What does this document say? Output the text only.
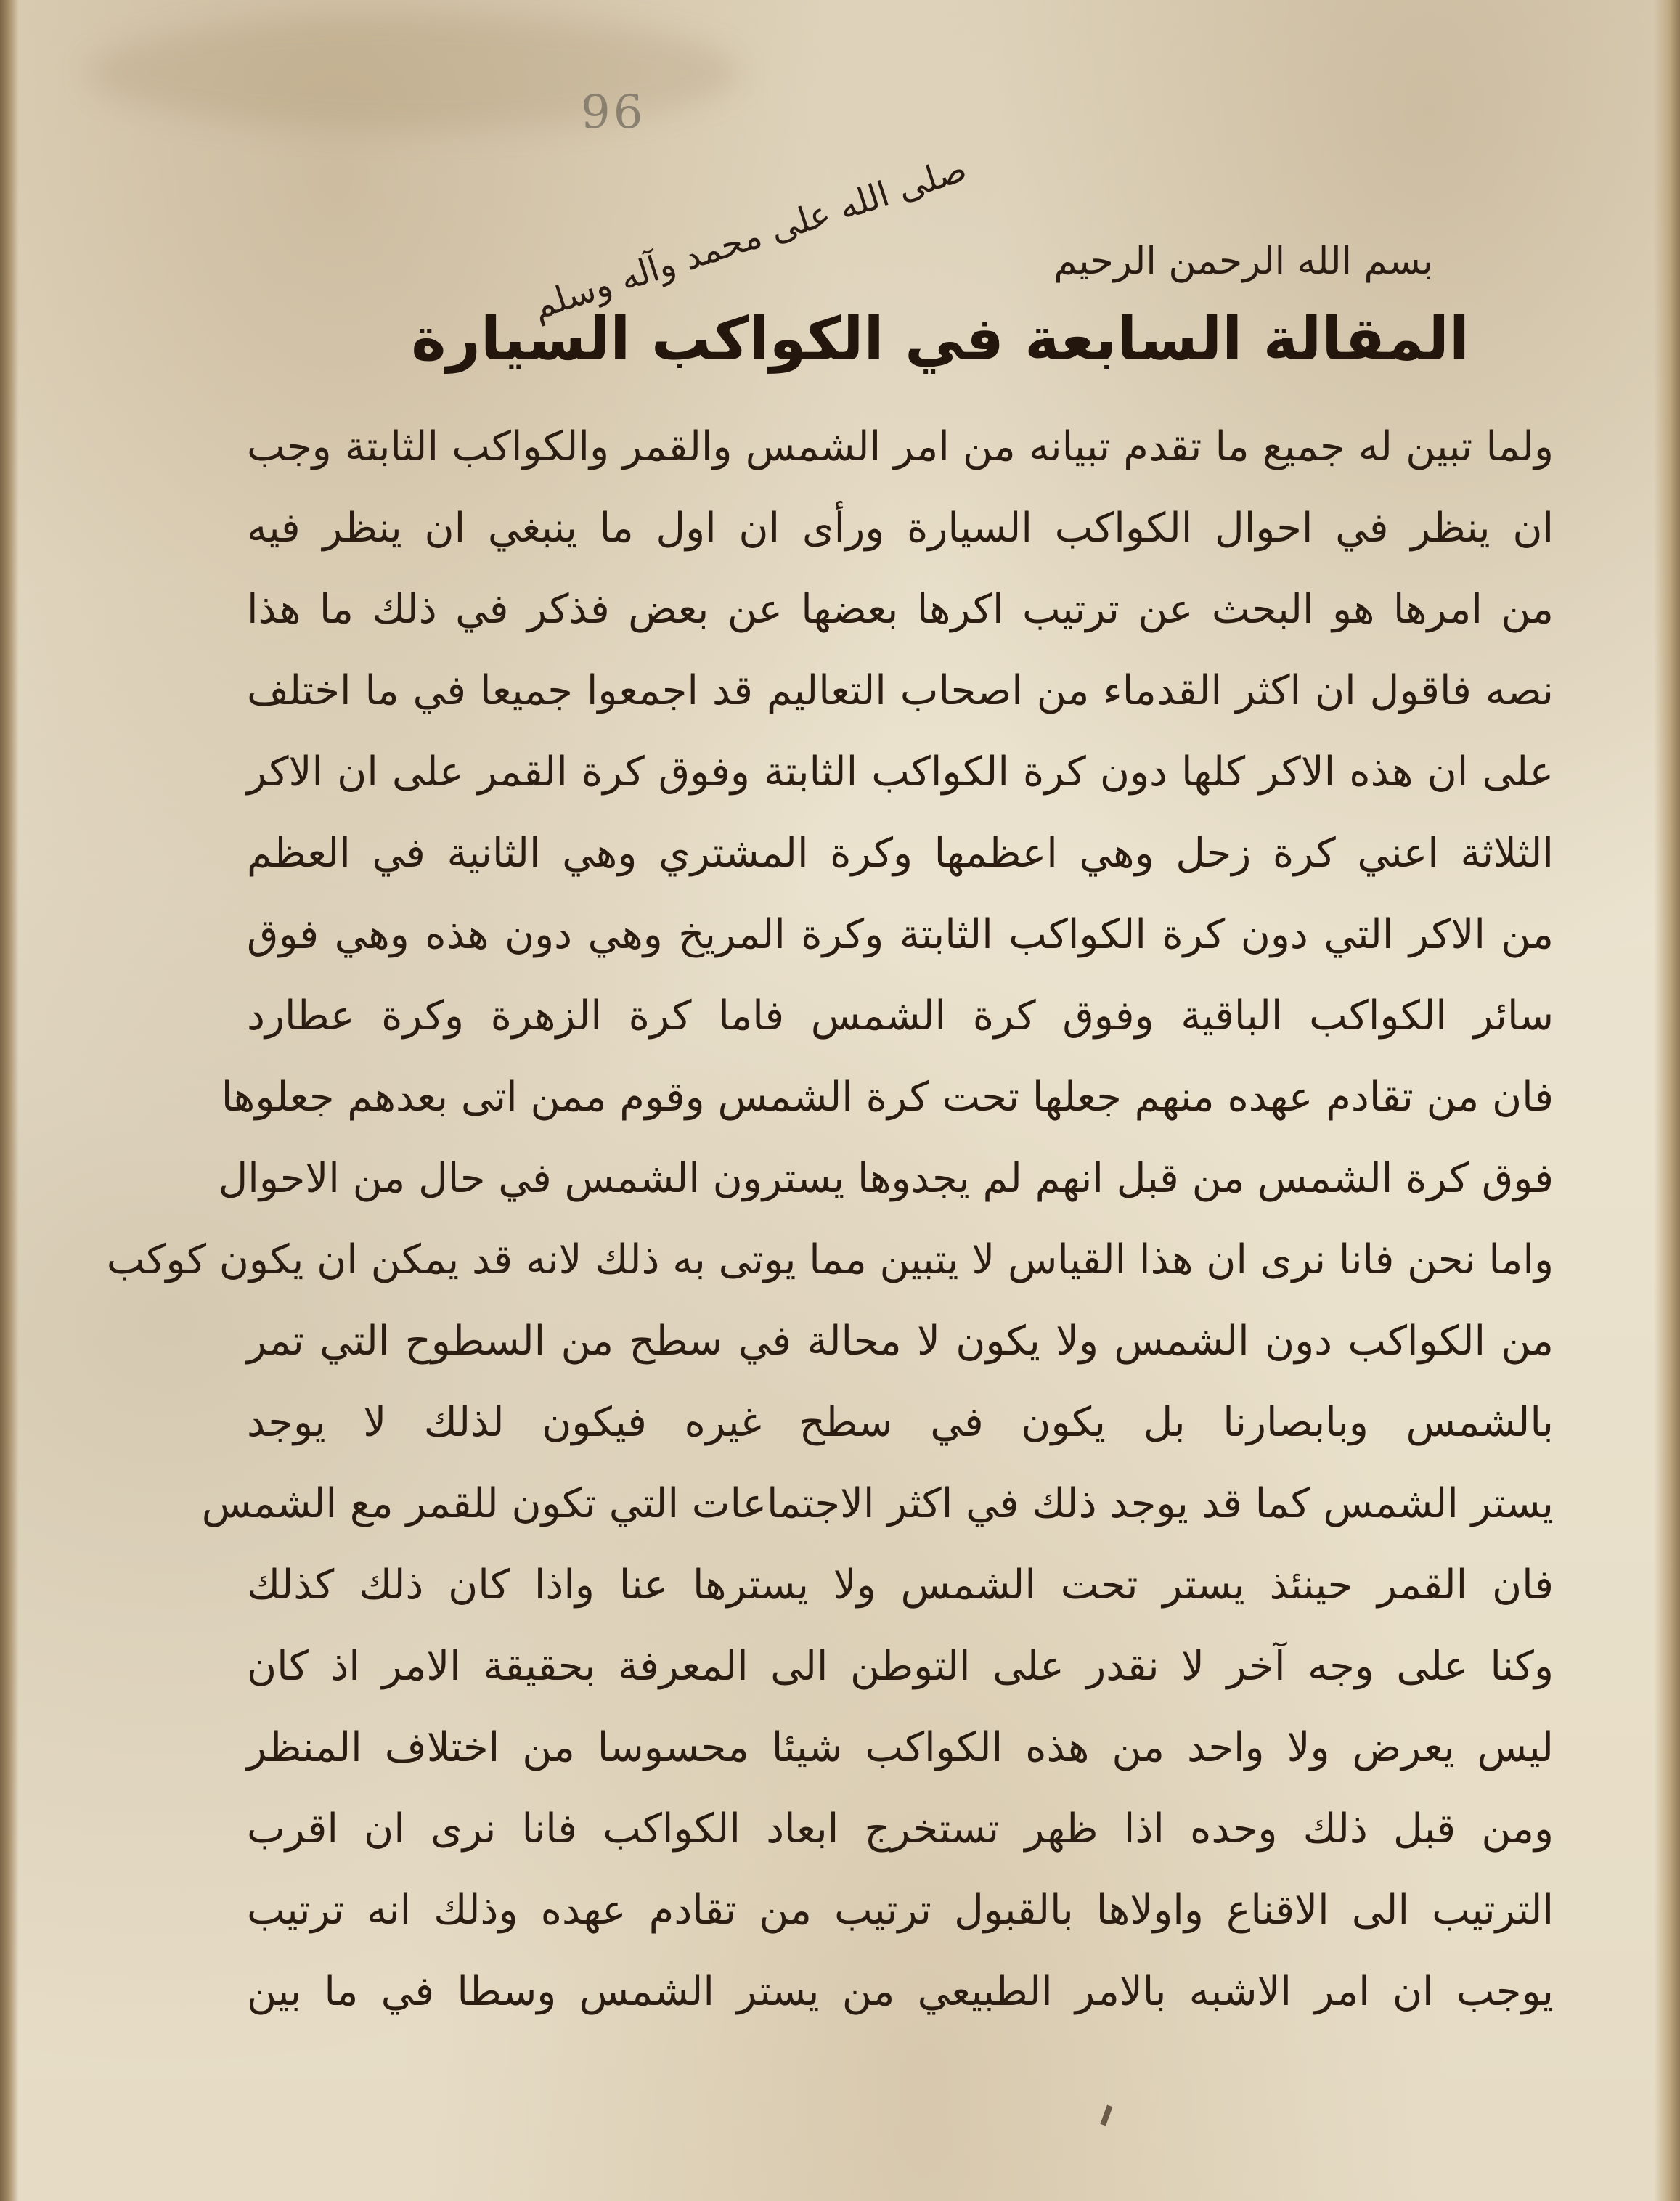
96
صلى الله على محمد وآله وسلم بسم الله الرحمن الرحيم
المقالة السابعة في الكواكب السيارة
ولما تبين له جميع ما تقدم تبيانه من امر الشمس والقمر والكواكب الثابتة وجب
ان ينظر في احوال الكواكب السيارة ورأى ان اول ما ينبغي ان ينظر فيه
من امرها هو البحث عن ترتيب اكرها بعضها عن بعض فذكر في ذلك ما هذا
نصه فاقول ان اكثر القدماء من اصحاب التعاليم قد اجمعوا جميعا في ما اختلف
على ان هذه الاكر كلها دون كرة الكواكب الثابتة وفوق كرة القمر على ان الاكر
الثلاثة اعني كرة زحل وهي اعظمها وكرة المشتري وهي الثانية في العظم
من الاكر التي دون كرة الكواكب الثابتة وكرة المريخ وهي دون هذه وهي فوق
سائر الكواكب الباقية وفوق كرة الشمس فاما كرة الزهرة وكرة عطارد
فان من تقادم عهده منهم جعلها تحت كرة الشمس وقوم ممن اتى بعدهم جعلوها
فوق كرة الشمس من قبل انهم لم يجدوها يسترون الشمس في حال من الاحوال
واما نحن فانا نرى ان هذا القياس لا يتبين مما يوتى به ذلك لانه قد يمكن ان يكون كوكب
من الكواكب دون الشمس ولا يكون لا محالة في سطح من السطوح التي تمر
بالشمس وبابصارنا بل يكون في سطح غيره فيكون لذلك لا يوجد
يستر الشمس كما قد يوجد ذلك في اكثر الاجتماعات التي تكون للقمر مع الشمس
فان القمر حينئذ يستر تحت الشمس ولا يسترها عنا واذا كان ذلك كذلك
وكنا على وجه آخر لا نقدر على التوطن الى المعرفة بحقيقة الامر اذ كان
ليس يعرض ولا واحد من هذه الكواكب شيئا محسوسا من اختلاف المنظر
ومن قبل ذلك وحده اذا ظهر تستخرج ابعاد الكواكب فانا نرى ان اقرب
الترتيب الى الاقناع واولاها بالقبول ترتيب من تقادم عهده وذلك انه ترتيب
يوجب ان امر الاشبه بالامر الطبيعي من يستر الشمس وسطا في ما بين
